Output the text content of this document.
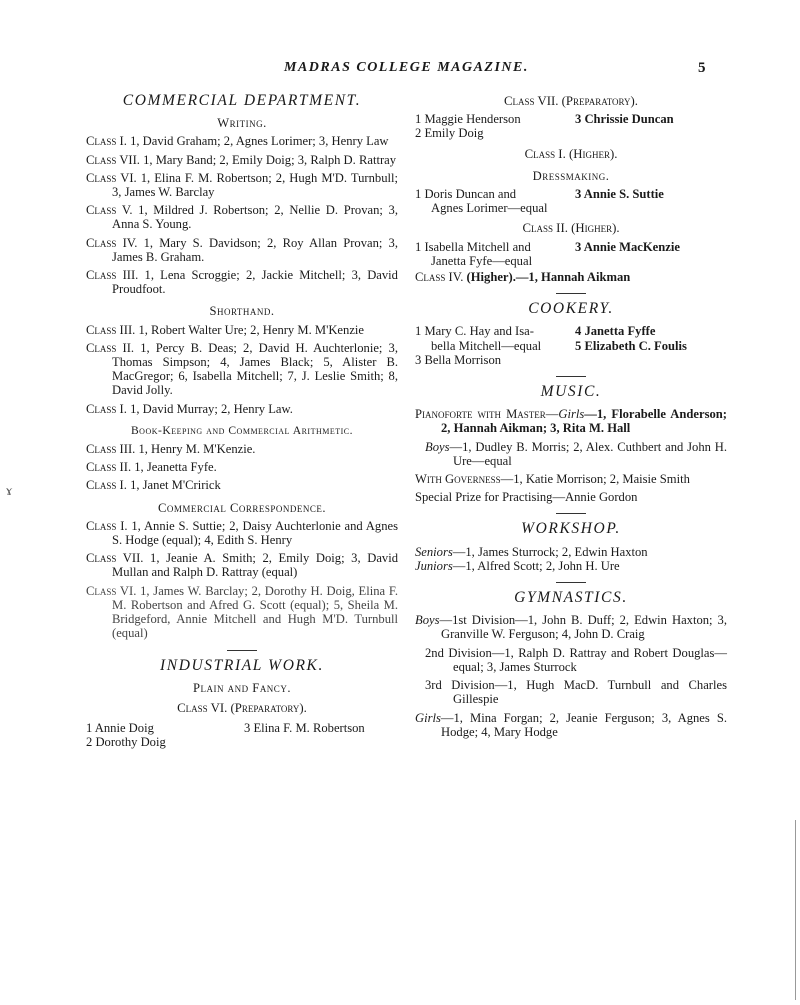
MADRAS COLLEGE MAGAZINE.	5
ɤ
COMMERCIAL DEPARTMENT.
Writing.
Class I. 1, David Graham; 2, Agnes Lorimer; 3, Henry Law
Class VII. 1, Mary Band; 2, Emily Doig; 3, Ralph D. Rattray
Class VI. 1, Elina F. M. Robertson; 2, Hugh M'D. Turnbull; 3, James W. Barclay
Class V. 1, Mildred J. Robertson; 2, Nellie D. Provan; 3, Anna S. Young.
Class IV. 1, Mary S. Davidson; 2, Roy Allan Provan; 3, James B. Graham.
Class III. 1, Lena Scroggie; 2, Jackie Mitchell; 3, David Proudfoot.
Shorthand.
Class III. 1, Robert Walter Ure; 2, Henry M. M'Kenzie
Class II. 1, Percy B. Deas; 2, David H. Auchterlonie; 3, Thomas Simpson; 4, James Black; 5, Alister B. MacGregor; 6, Isabella Mitchell; 7, J. Leslie Smith; 8, David Jolly.
Class I. 1, David Murray; 2, Henry Law.
Book-Keeping and Commercial Arithmetic.
Class III. 1, Henry M. M'Kenzie.
Class II. 1, Jeanetta Fyfe.
Class I. 1, Janet M'Cririck
Commercial Correspondence.
Class I. 1, Annie S. Suttie; 2, Daisy Auchterlonie and Agnes S. Hodge (equal); 4, Edith S. Henry
Class VII. 1, Jeanie A. Smith; 2, Emily Doig; 3, David Mullan and Ralph D. Rattray (equal)
Class VI. 1, James W. Barclay; 2, Dorothy H. Doig, Elina F. M. Robertson and Afred G. Scott (equal); 5, Sheila M. Bridgeford, Annie Mitchell and Hugh M'D. Turnbull (equal)
INDUSTRIAL WORK.
Plain and Fancy.
Class VI. (Preparatory).
1 Annie Doig
2 Dorothy Doig
3 Elina F. M. Robertson
Class VII. (Preparatory).
1 Maggie Henderson
2 Emily Doig
3 Chrissie Duncan
Class I. (Higher).
Dressmaking.
1 Doris Duncan and
Agnes Lorimer—equal
3 Annie S. Suttie
Class II. (Higher).
1 Isabella Mitchell and
Janetta Fyfe—equal
3 Annie MacKenzie
Class IV. (Higher).—1, Hannah Aikman
COOKERY.
1 Mary C. Hay and Isa-
bella Mitchell—equal
3 Bella Morrison
4 Janetta Fyffe
5 Elizabeth C. Foulis
MUSIC.
Pianoforte with Master—Girls—1, Florabelle Anderson; 2, Hannah Aikman; 3, Rita M. Hall
Boys—1, Dudley B. Morris; 2, Alex. Cuthbert and John H. Ure—equal
With Governess—1, Katie Morrison; 2, Maisie Smith
Special Prize for Practising—Annie Gordon
WORKSHOP.
Seniors—1, James Sturrock; 2, Edwin Haxton
Juniors—1, Alfred Scott; 2, John H. Ure
GYMNASTICS.
Boys—1st Division—1, John B. Duff; 2, Edwin Haxton; 3, Granville W. Ferguson; 4, John D. Craig
2nd Division—1, Ralph D. Rattray and Robert Douglas—equal; 3, James Sturrock
3rd Division—1, Hugh MacD. Turnbull and Charles Gillespie
Girls—1, Mina Forgan; 2, Jeanie Ferguson; 3, Agnes S. Hodge; 4, Mary Hodge
